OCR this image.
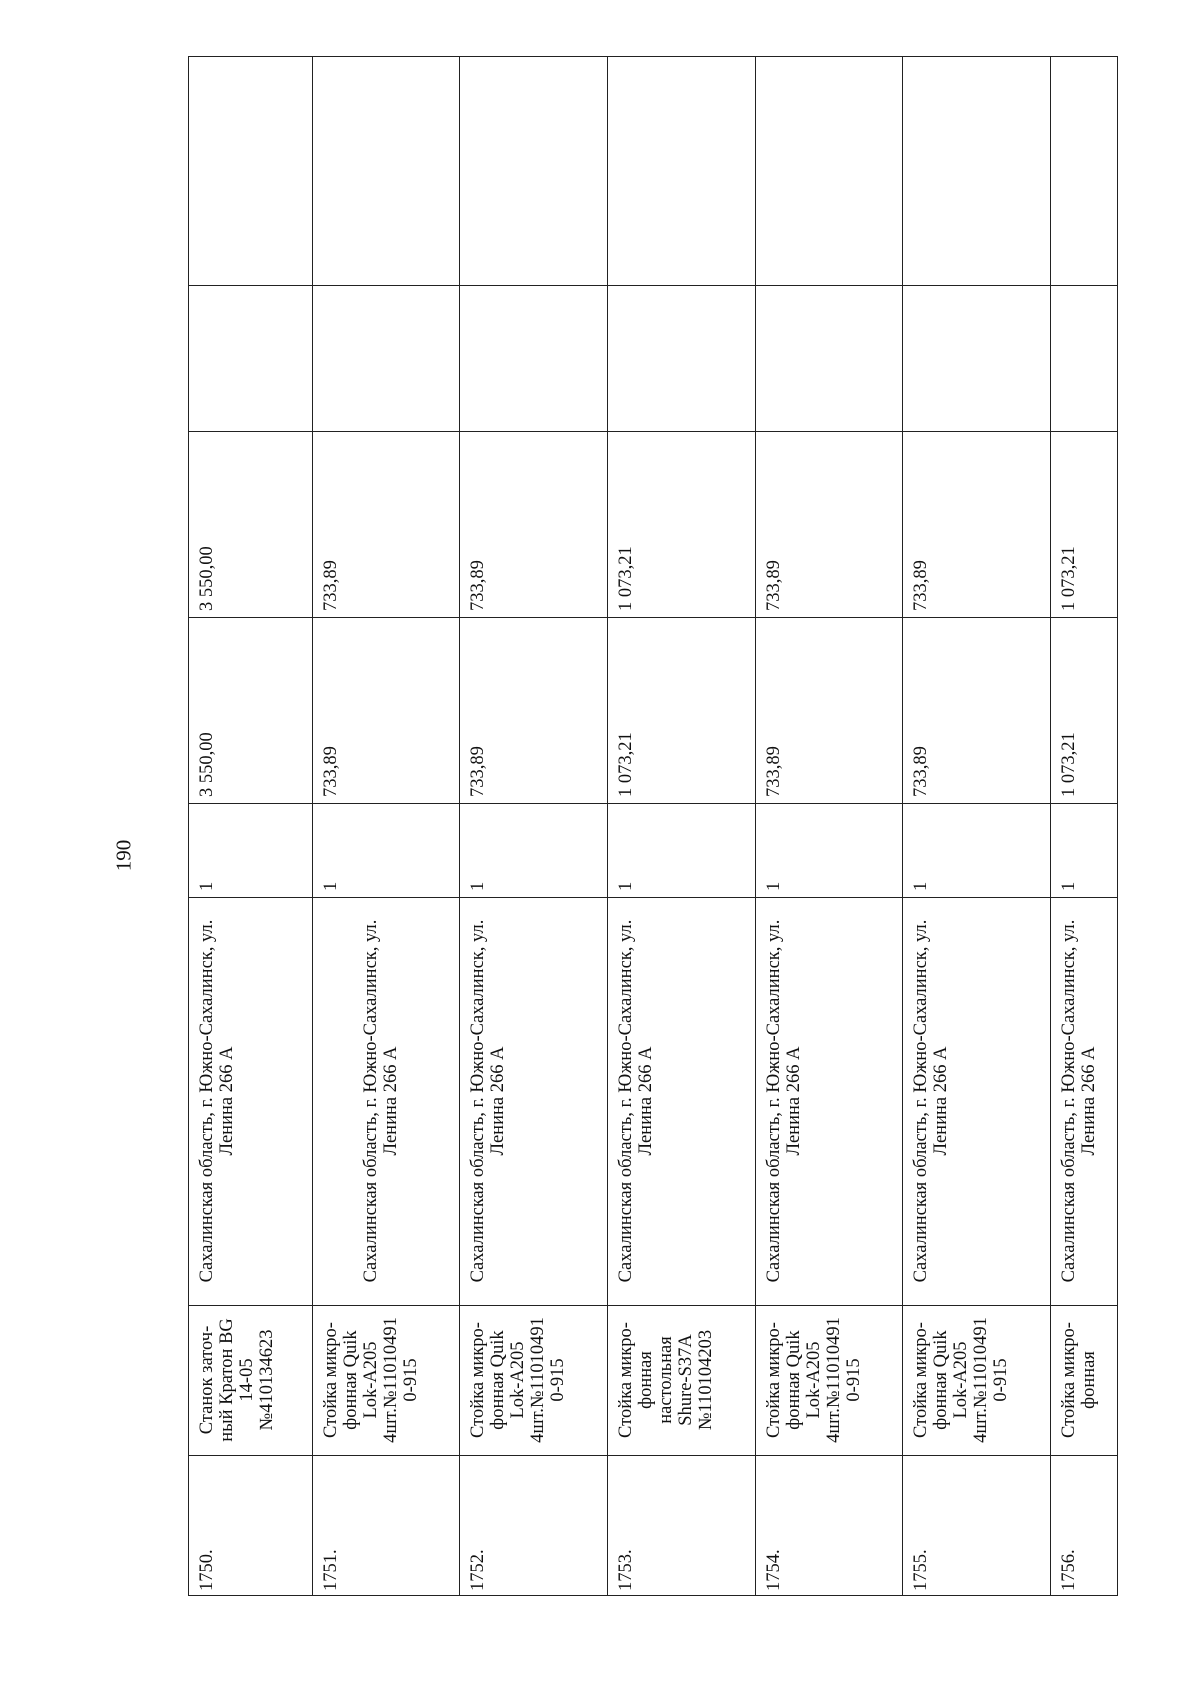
190
1750.
Станок заточ-
ный Кратон BG
14-05
№410134623
Сахалинская область, г. Южно-Сахалинск, ул.
Ленина 266 А
1
3 550,00
3 550,00
1751.
Стойка микро-
фонная Quik
Lok-A205
4шт.№11010491
0-915

Сахалинская область, г. Южно-Сахалинск, ул.
Ленина 266 А
1
733,89
733,89
1752.
Стойка микро-
фонная Quik
Lok-A205
4шт.№11010491
0-915
Сахалинская область, г. Южно-Сахалинск, ул.
Ленина 266 А
1
733,89
733,89
1753.
Стойка микро-
фонная
настольная
Shure-S37A
№110104203
Сахалинская область, г. Южно-Сахалинск, ул.
Ленина 266 А
1
1 073,21
1 073,21
1754.
Стойка микро-
фонная Quik
Lok-A205
4шт.№11010491
0-915
Сахалинская область, г. Южно-Сахалинск, ул.
Ленина 266 А
1
733,89
733,89
1755.
Стойка микро-
фонная Quik
Lok-A205
4шт.№11010491
0-915
Сахалинская область, г. Южно-Сахалинск, ул.
Ленина 266 А
1
733,89
733,89
1756.
Стойка микро-
фонная
Сахалинская область, г. Южно-Сахалинск, ул.
Ленина 266 А
1
1 073,21
1 073,21
